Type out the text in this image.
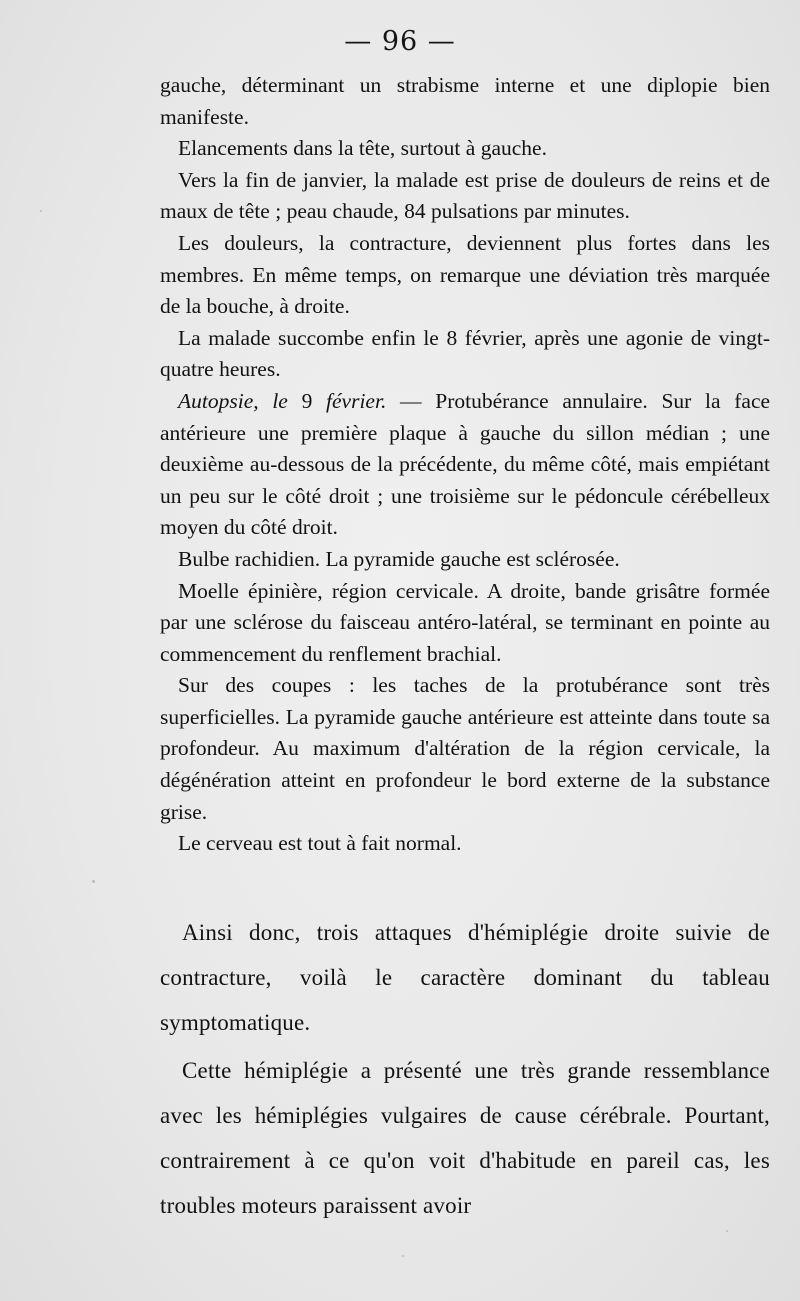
— 96 —

gauche, déterminant un strabisme interne et une diplopie bien manifeste.

Elancements dans la tête, surtout à gauche.

Vers la fin de janvier, la malade est prise de douleurs de reins et de maux de tête ; peau chaude, 84 pulsations par minutes.

Les douleurs, la contracture, deviennent plus fortes dans les membres. En même temps, on remarque une déviation très marquée de la bouche, à droite.

La malade succombe enfin le 8 février, après une agonie de vingt-quatre heures.

Autopsie, le 9 février. — Protubérance annulaire. Sur la face antérieure une première plaque à gauche du sillon médian ; une deuxième au-dessous de la précédente, du même côté, mais empiétant un peu sur le côté droit ; une troisième sur le pédoncule cérébelleux moyen du côté droit.

Bulbe rachidien. La pyramide gauche est sclérosée.

Moelle épinière, région cervicale. A droite, bande grisâtre formée par une sclérose du faisceau antéro-latéral, se terminant en pointe au commencement du renflement brachial.

Sur des coupes : les taches de la protubérance sont très superficielles. La pyramide gauche antérieure est atteinte dans toute sa profondeur. Au maximum d'altération de la région cervicale, la dégénération atteint en profondeur le bord externe de la substance grise.

Le cerveau est tout à fait normal.

Ainsi donc, trois attaques d'hémiplégie droite suivie de contracture, voilà le caractère dominant du tableau symptomatique.

Cette hémiplégie a présenté une très grande ressemblance avec les hémiplégies vulgaires de cause cérébrale. Pourtant, contrairement à ce qu'on voit d'habitude en pareil cas, les troubles moteurs paraissent avoir
